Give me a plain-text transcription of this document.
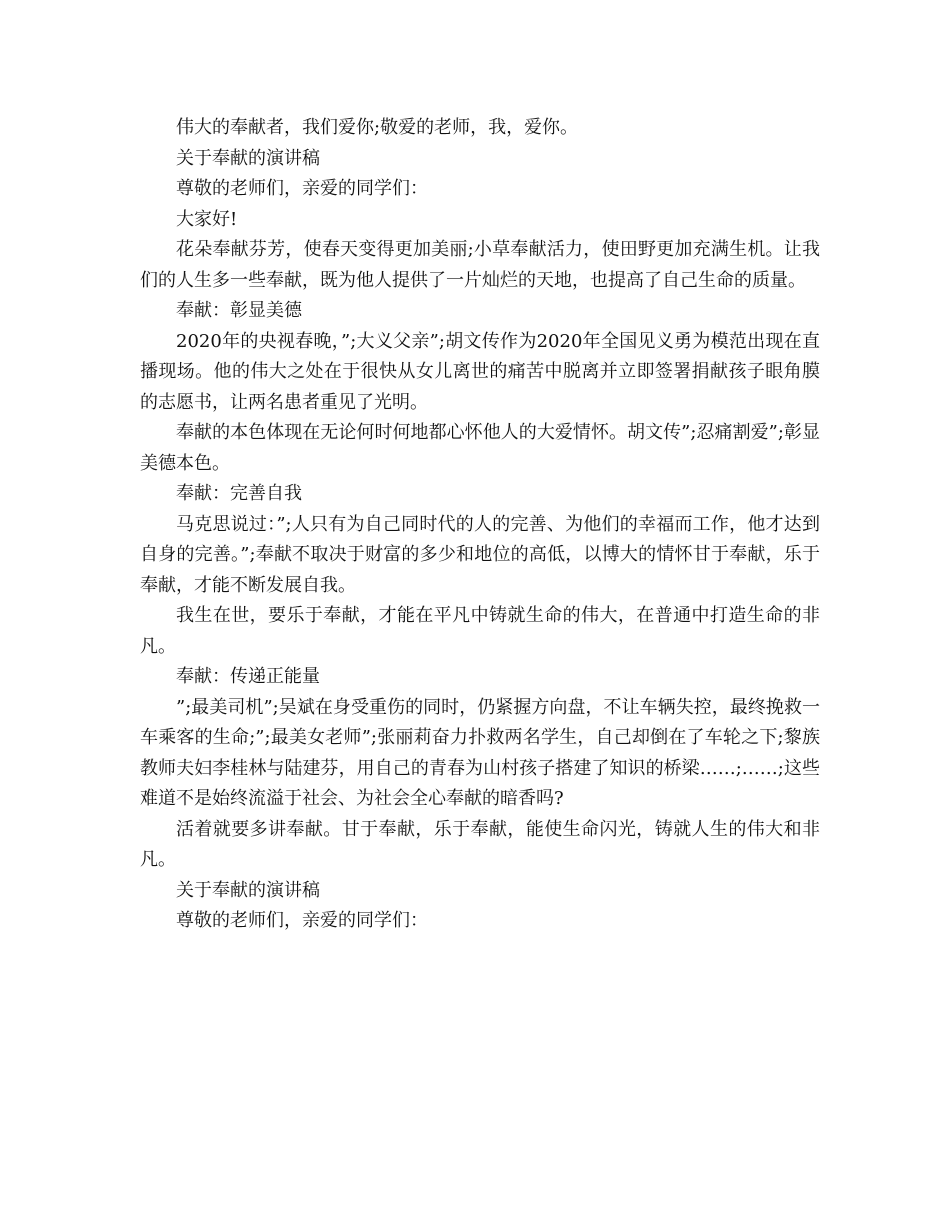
伟大的奉献者，我们爱你;敬爱的老师，我，爱你。

关于奉献的演讲稿

尊敬的老师们，亲爱的同学们：

大家好!

花朵奉献芬芳，使春天变得更加美丽;小草奉献活力，使田野更加充满生机。让我们的人生多一些奉献，既为他人提供了一片灿烂的天地，也提高了自己生命的质量。

奉献：彰显美德

2020年的央视春晚，”;大义父亲”;胡文传作为2020年全国见义勇为模范出现在直播现场。他的伟大之处在于很快从女儿离世的痛苦中脱离并立即签署捐献孩子眼角膜的志愿书，让两名患者重见了光明。

奉献的本色体现在无论何时何地都心怀他人的大爱情怀。胡文传”;忍痛割爱”;彰显美德本色。

奉献：完善自我

马克思说过：”;人只有为自己同时代的人的完善、为他们的幸福而工作，他才达到自身的完善。”;奉献不取决于财富的多少和地位的高低，以博大的情怀甘于奉献，乐于奉献，才能不断发展自我。

我生在世，要乐于奉献，才能在平凡中铸就生命的伟大，在普通中打造生命的非凡。

奉献：传递正能量

”;最美司机”;吴斌在身受重伤的同时，仍紧握方向盘，不让车辆失控，最终挽救一车乘客的生命;”;最美女老师”;张丽莉奋力扑救两名学生，自己却倒在了车轮之下;黎族教师夫妇李桂林与陆建芬，用自己的青春为山村孩子搭建了知识的桥梁……;……;这些难道不是始终流溢于社会、为社会全心奉献的暗香吗?

活着就要多讲奉献。甘于奉献，乐于奉献，能使生命闪光，铸就人生的伟大和非凡。

关于奉献的演讲稿

尊敬的老师们，亲爱的同学们：
